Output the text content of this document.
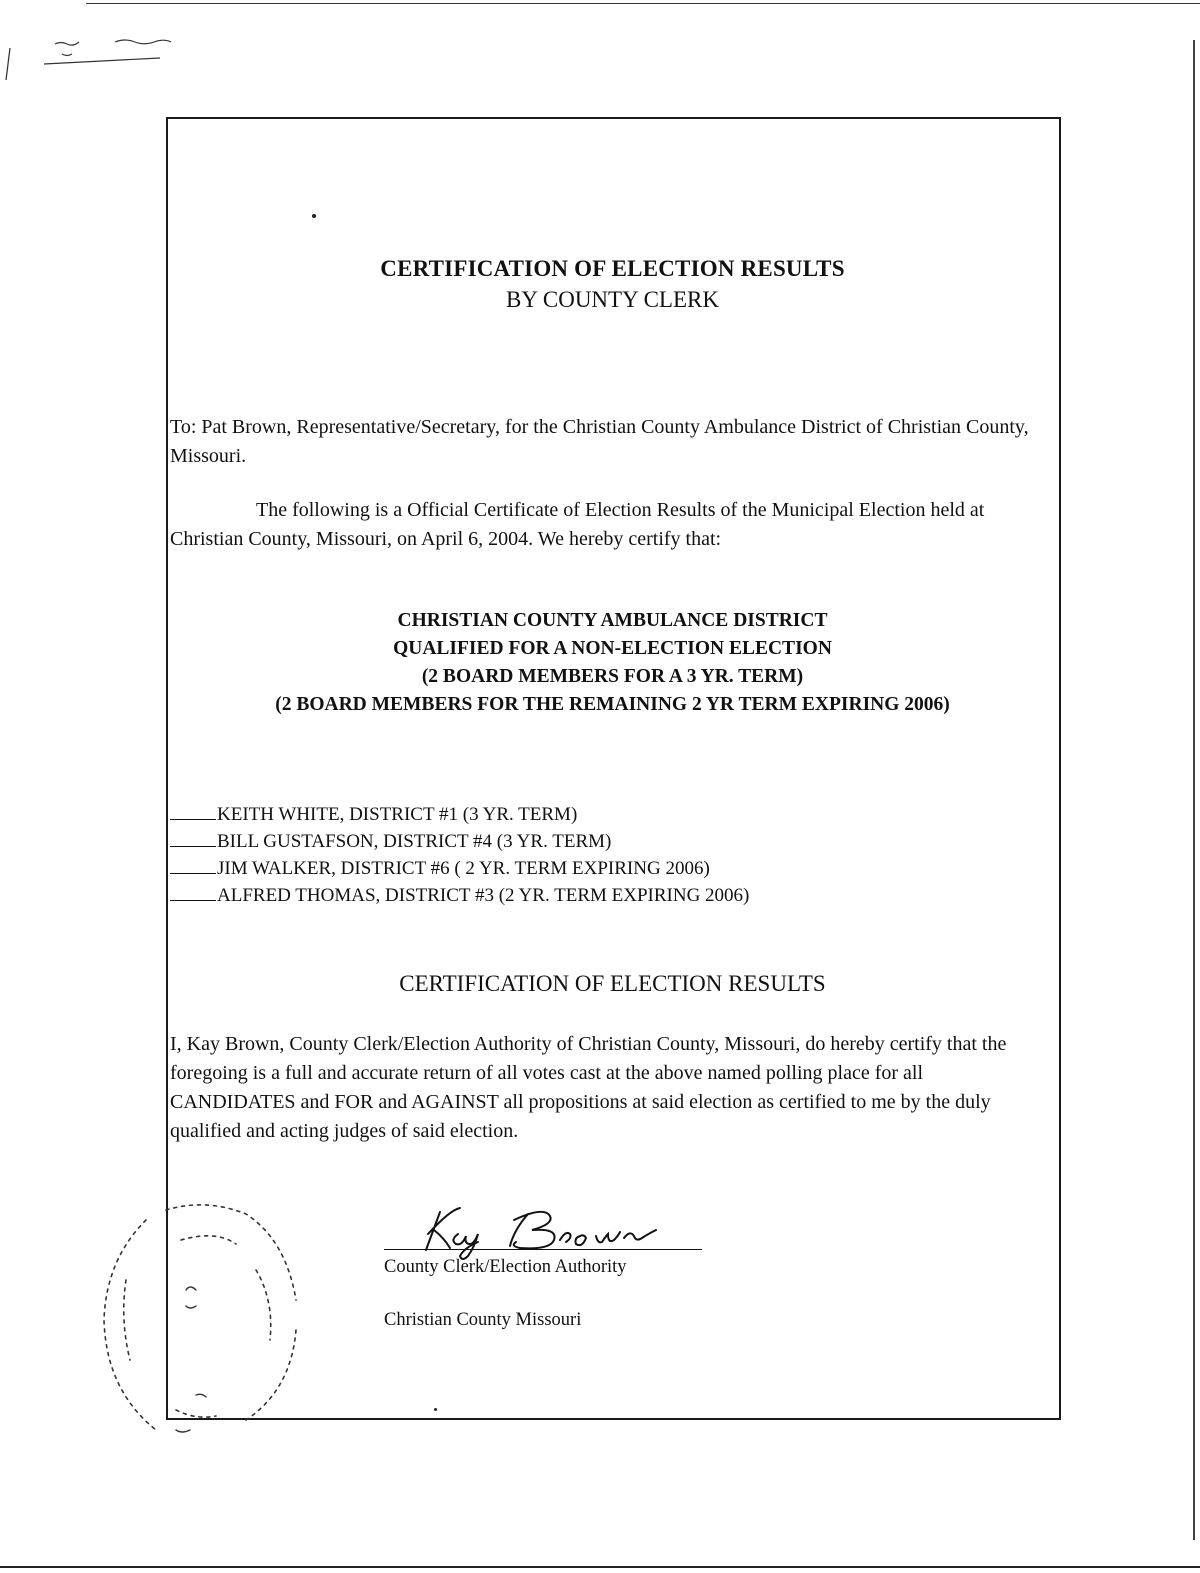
CERTIFICATION OF ELECTION RESULTS
BY COUNTY CLERK

To: Pat Brown, Representative/Secretary, for the Christian County Ambulance District of Christian County, Missouri.

The following is a Official Certificate of Election Results of the Municipal Election held at Christian County, Missouri, on April 6, 2004. We hereby certify that:

CHRISTIAN COUNTY AMBULANCE DISTRICT
QUALIFIED FOR A NON-ELECTION ELECTION
(2 BOARD MEMBERS FOR A 3 YR. TERM)
(2 BOARD MEMBERS FOR THE REMAINING 2 YR TERM EXPIRING 2006)
KEITH WHITE, DISTRICT #1 (3 YR. TERM)
BILL GUSTAFSON, DISTRICT #4 (3 YR. TERM)
JIM WALKER, DISTRICT #6 ( 2 YR. TERM EXPIRING 2006)
ALFRED THOMAS, DISTRICT #3 (2 YR. TERM EXPIRING 2006)
CERTIFICATION OF ELECTION RESULTS

I, Kay Brown, County Clerk/Election Authority of Christian County, Missouri, do hereby certify that the foregoing is a full and accurate return of all votes cast at the above named polling place for all CANDIDATES and FOR and AGAINST all propositions at said election as certified to me by the duly qualified and acting judges of said election.

County Clerk/Election Authority

Christian County Missouri
